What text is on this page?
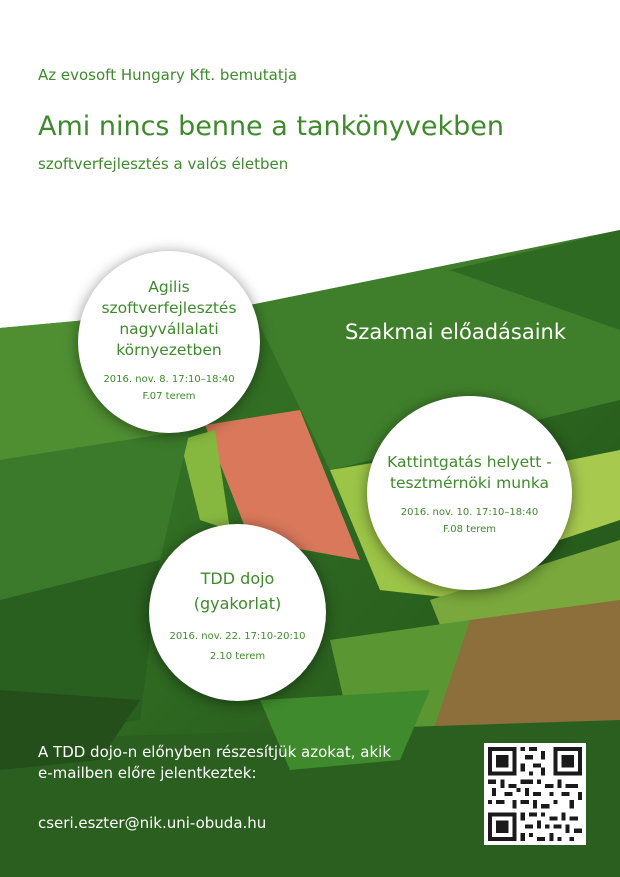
Az evosoft Hungary Kft. bemutatja
Ami nincs benne a tankönyvekben
szoftverfejlesztés a valós életben
Szakmai előadásaink
Agilis
szoftverfejlesztés
nagyvállalati
környezetben
2016. nov. 8. 17:10–18:40
F.07 terem
Kattintgatás helyett -
tesztmérnöki munka
2016. nov. 10. 17:10–18:40
F.08 terem
TDD dojo
(gyakorlat)
2016. nov. 22. 17:10-20:10
2.10 terem
A TDD dojo-n előnyben részesítjük azokat, akik
e-mailben előre jelentkeztek:
cseri.eszter@nik.uni-obuda.hu
